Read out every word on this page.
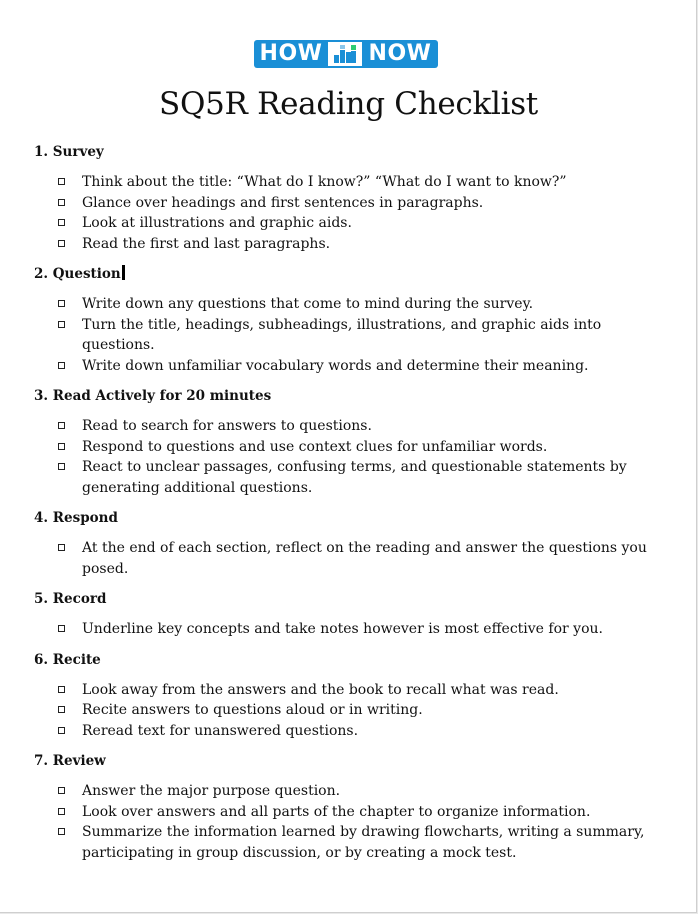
HOW NOW
SQ5R Reading Checklist
1. Survey
Think about the title: “What do I know?” “What do I want to know?”
Glance over headings and first sentences in paragraphs.
Look at illustrations and graphic aids.
Read the first and last paragraphs.
2. Question
Write down any questions that come to mind during the survey.
Turn the title, headings, subheadings, illustrations, and graphic aids into questions.
Write down unfamiliar vocabulary words and determine their meaning.
3. Read Actively for 20 minutes
Read to search for answers to questions.
Respond to questions and use context clues for unfamiliar words.
React to unclear passages, confusing terms, and questionable statements by generating additional questions.
4. Respond
At the end of each section, reflect on the reading and answer the questions you posed.
5. Record
Underline key concepts and take notes however is most effective for you.
6. Recite
Look away from the answers and the book to recall what was read.
Recite answers to questions aloud or in writing.
Reread text for unanswered questions.
7. Review
Answer the major purpose question.
Look over answers and all parts of the chapter to organize information.
Summarize the information learned by drawing flowcharts, writing a summary, participating in group discussion, or by creating a mock test.
